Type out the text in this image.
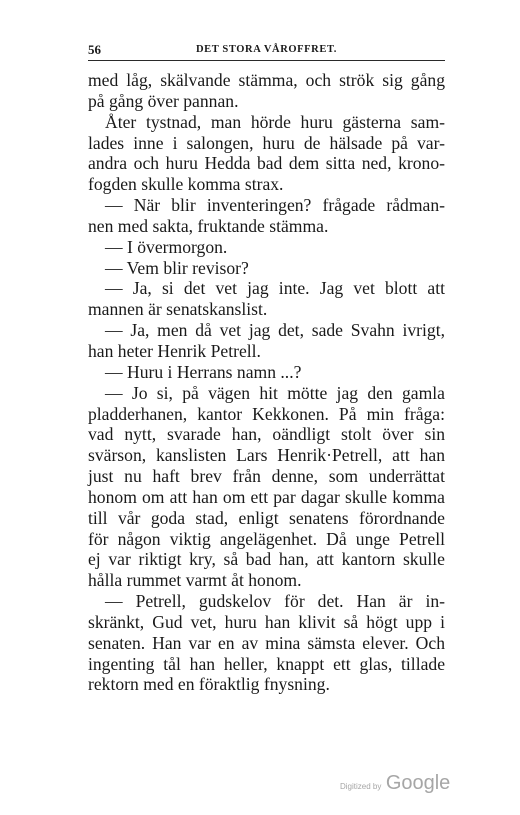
56	DET STORA VÅROFFRET.

med låg, skälvande stämma, och strök sig gång

på gång över pannan.

Åter tystnad, man hörde huru gästerna sam-

lades inne i salongen, huru de hälsade på var-

andra och huru Hedda bad dem sitta ned, krono-

fogden skulle komma strax.

— När blir inventeringen? frågade rådman-

nen med sakta, fruktande stämma.

— I övermorgon.

— Vem blir revisor?

— Ja, si det vet jag inte. Jag vet blott att

mannen är senatskanslist.

— Ja, men då vet jag det, sade Svahn ivrigt,

han heter Henrik Petrell.

— Huru i Herrans namn ...?

— Jo si, på vägen hit mötte jag den gamla

pladderhanen, kantor Kekkonen. På min fråga:

vad nytt, svarade han, oändligt stolt över sin

svärson, kanslisten Lars Henrik·Petrell, att han

just nu haft brev från denne, som underrättat

honom om att han om ett par dagar skulle komma

till vår goda stad, enligt senatens förordnande

för någon viktig angelägenhet. Då unge Petrell

ej var riktigt kry, så bad han, att kantorn skulle

hålla rummet varmt åt honom.

— Petrell, gudskelov för det. Han är in-

skränkt, Gud vet, huru han klivit så högt upp i

senaten. Han var en av mina sämsta elever. Och

ingenting tål han heller, knappt ett glas, tillade

rektorn med en föraktlig fnysning.

Digitized by Google
